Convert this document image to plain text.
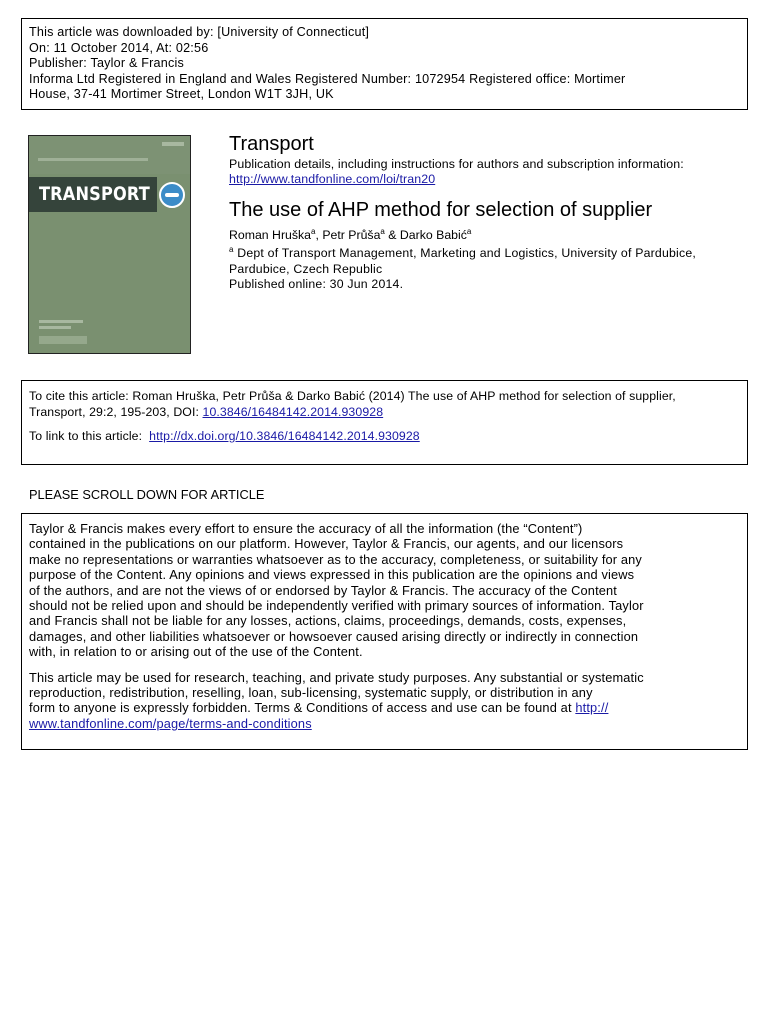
This article was downloaded by: [University of Connecticut]
On: 11 October 2014, At: 02:56
Publisher: Taylor & Francis
Informa Ltd Registered in England and Wales Registered Number: 1072954 Registered office: Mortimer
House, 37-41 Mortimer Street, London W1T 3JH, UK
TRANSPORT
Transport
Publication details, including instructions for authors and subscription information:
http://www.tandfonline.com/loi/tran20
The use of AHP method for selection of supplier
Roman Hruška$^a$, Petr Průša$^a$ & Darko Babić$^a$
$^a$ Dept of Transport Management, Marketing and Logistics, University of Pardubice,
Pardubice, Czech Republic
Published online: 30 Jun 2014.
To cite this article: Roman Hruška, Petr Průša & Darko Babić (2014) The use of AHP method for selection of supplier,
Transport, 29:2, 195-203, DOI: 10.3846/16484142.2014.930928
To link to this article:  http://dx.doi.org/10.3846/16484142.2014.930928
PLEASE SCROLL DOWN FOR ARTICLE
Taylor & Francis makes every effort to ensure the accuracy of all the information (the “Content”)
contained in the publications on our platform. However, Taylor & Francis, our agents, and our licensors
make no representations or warranties whatsoever as to the accuracy, completeness, or suitability for any
purpose of the Content. Any opinions and views expressed in this publication are the opinions and views
of the authors, and are not the views of or endorsed by Taylor & Francis. The accuracy of the Content
should not be relied upon and should be independently verified with primary sources of information. Taylor
and Francis shall not be liable for any losses, actions, claims, proceedings, demands, costs, expenses,
damages, and other liabilities whatsoever or howsoever caused arising directly or indirectly in connection
with, in relation to or arising out of the use of the Content.
This article may be used for research, teaching, and private study purposes. Any substantial or systematic
reproduction, redistribution, reselling, loan, sub-licensing, systematic supply, or distribution in any
form to anyone is expressly forbidden. Terms & Conditions of access and use can be found at http://
www.tandfonline.com/page/terms-and-conditions
